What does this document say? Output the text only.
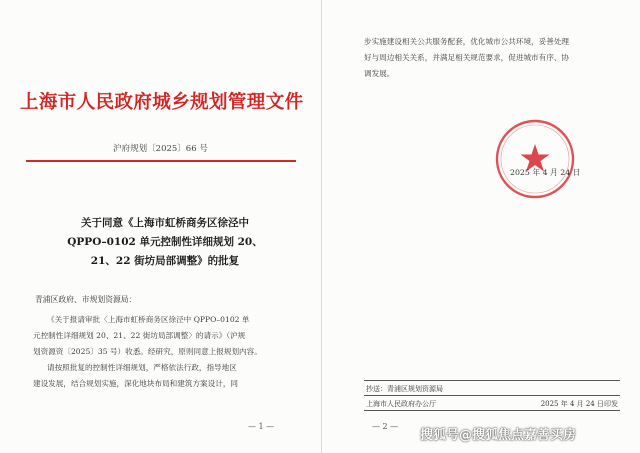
上海市人民政府城乡规划管理文件
沪府规划〔2025〕66 号
关于同意《上海市虹桥商务区徐泾中
QPPO–0102 单元控制性详细规划 20、
21、22 街坊局部调整》的批复
青浦区政府、市规划资源局：
《关于报请审批〈上海市虹桥商务区徐泾中 QPPO–0102 单
元控制性详细规划 20、21、22 街坊局部调整〉的请示》（沪规
划资源资〔2025〕35 号）收悉。经研究，原则同意上报规划内容。
请按照批复的控制性详细规划，严格依法行政，指导地区
建设发展，结合规划实施，深化地块布局和建筑方案设计，同
— 1 —
步实施建设相关公共服务配套，优化城市公共环境，妥善处理
好与周边相关关系，并满足相关规范要求，促进城市有序、协
调发展。
2025 年 4 月 24 日
抄送：青浦区规划资源局
上海市人民政府办公厅	2025 年 4 月 24 日印发
— 2 —
搜狐号@搜狐焦点嘉善买房
